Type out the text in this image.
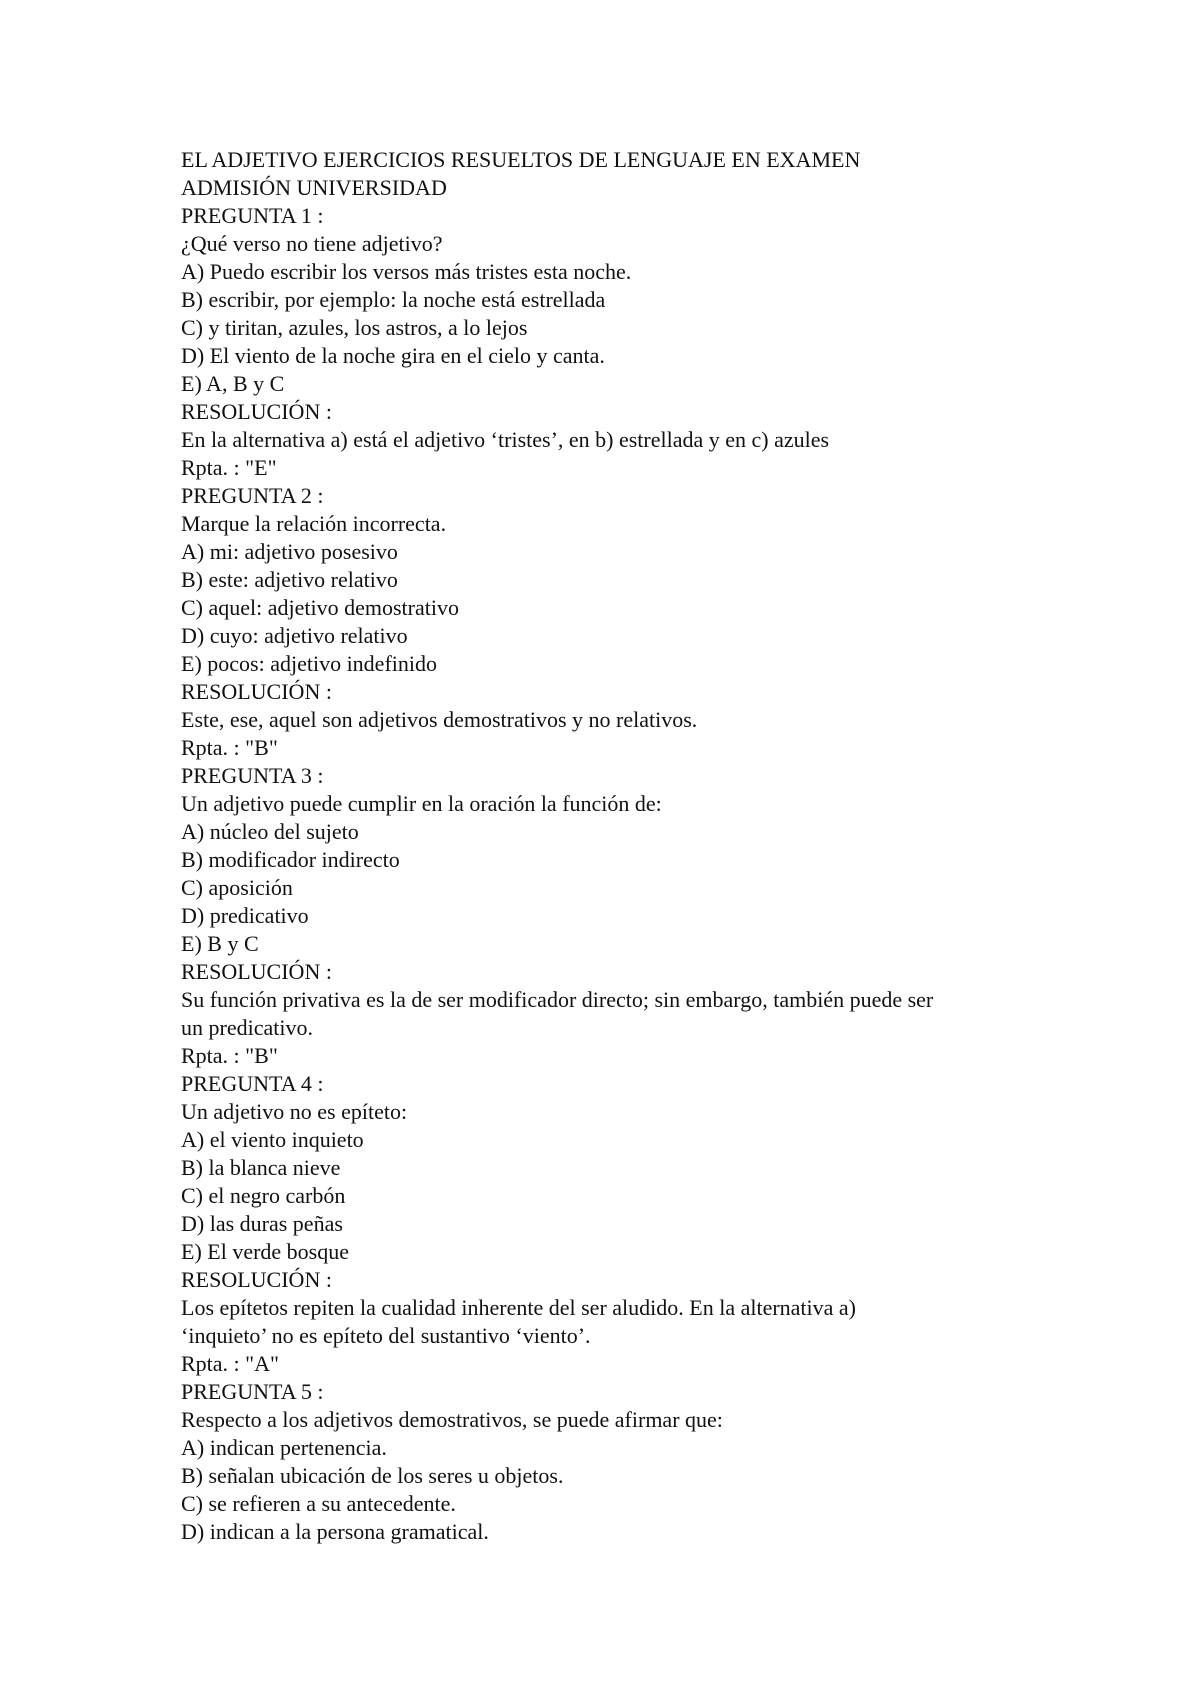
EL ADJETIVO EJERCICIOS RESUELTOS DE LENGUAJE EN EXAMEN
ADMISIÓN UNIVERSIDAD
PREGUNTA 1 :
¿Qué verso no tiene adjetivo?
A) Puedo escribir los versos más tristes esta noche.
B) escribir, por ejemplo: la noche está estrellada
C) y tiritan, azules, los astros, a lo lejos
D) El viento de la noche gira en el cielo y canta.
E) A, B y C
RESOLUCIÓN :
En la alternativa a) está el adjetivo ‘tristes’, en b) estrellada y en c) azules
Rpta. : "E"
PREGUNTA 2 :
Marque la relación incorrecta.
A) mi: adjetivo posesivo
B) este: adjetivo relativo
C) aquel: adjetivo demostrativo
D) cuyo: adjetivo relativo
E) pocos: adjetivo indefinido
RESOLUCIÓN :
Este, ese, aquel son adjetivos demostrativos y no relativos.
Rpta. : "B"
PREGUNTA 3 :
Un adjetivo puede cumplir en la oración la función de:
A) núcleo del sujeto
B) modificador indirecto
C) aposición
D) predicativo
E) B y C
RESOLUCIÓN :
Su función privativa es la de ser modificador directo; sin embargo, también puede ser
un predicativo.
Rpta. : "B"
PREGUNTA 4 :
Un adjetivo no es epíteto:
A) el viento inquieto
B) la blanca nieve
C) el negro carbón
D) las duras peñas
E) El verde bosque
RESOLUCIÓN :
Los epítetos repiten la cualidad inherente del ser aludido. En la alternativa a)
‘inquieto’ no es epíteto del sustantivo ‘viento’.
Rpta. : "A"
PREGUNTA 5 :
Respecto a los adjetivos demostrativos, se puede afirmar que:
A) indican pertenencia.
B) señalan ubicación de los seres u objetos.
C) se refieren a su antecedente.
D) indican a la persona gramatical.
